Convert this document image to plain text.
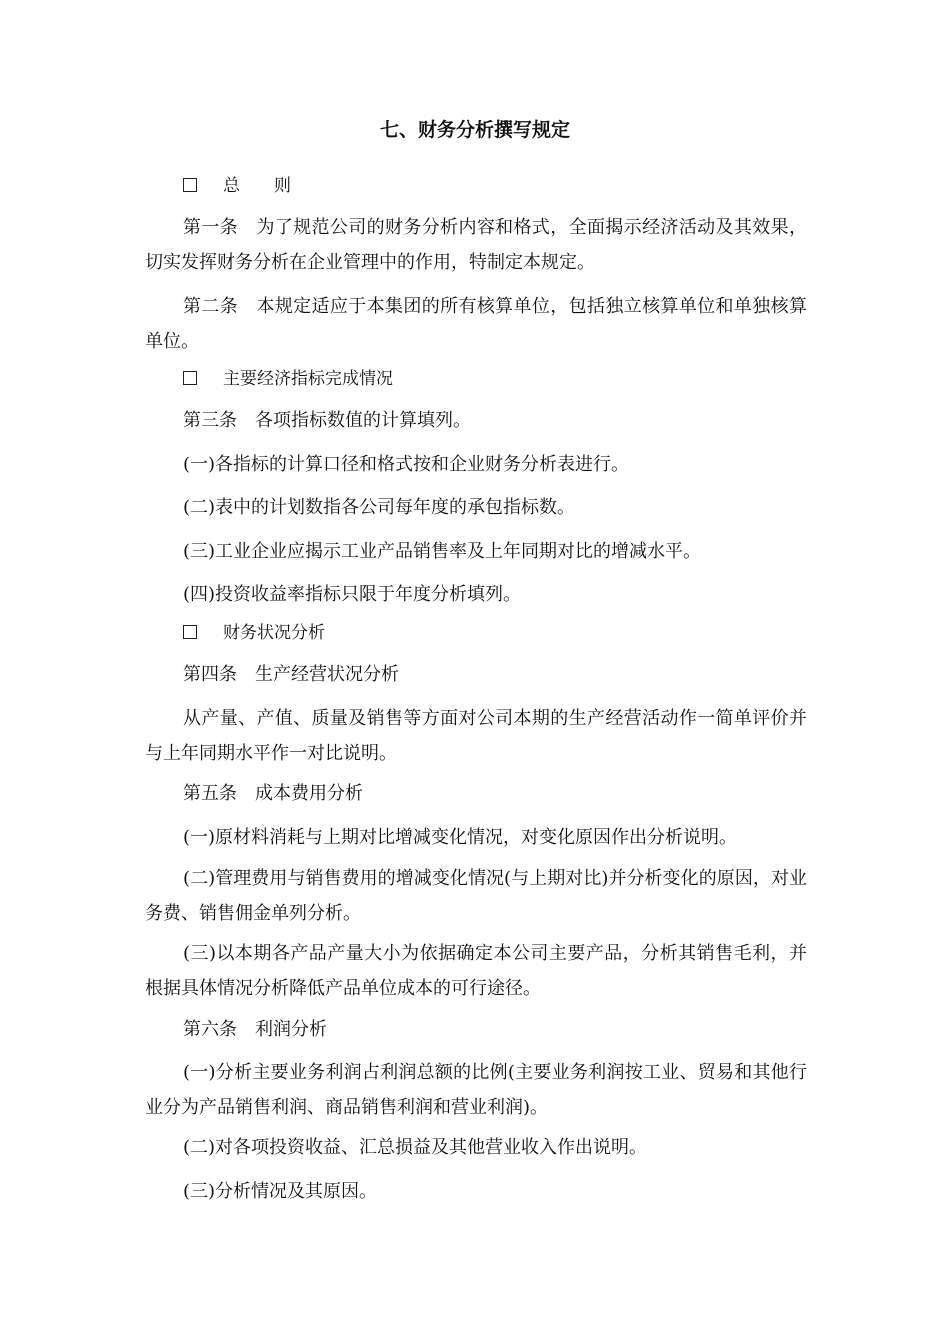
七、财务分析撰写规定
总　　则

第一条　为了规范公司的财务分析内容和格式，全面揭示经济活动及其效果，切实发挥财务分析在企业管理中的作用，特制定本规定。

第二条　本规定适应于本集团的所有核算单位，包括独立核算单位和单独核算单位。

主要经济指标完成情况

第三条　各项指标数值的计算填列。

(一)各指标的计算口径和格式按和企业财务分析表进行。

(二)表中的计划数指各公司每年度的承包指标数。

(三)工业企业应揭示工业产品销售率及上年同期对比的增减水平。

(四)投资收益率指标只限于年度分析填列。

财务状况分析

第四条　生产经营状况分析

从产量、产值、质量及销售等方面对公司本期的生产经营活动作一简单评价并与上年同期水平作一对比说明。

第五条　成本费用分析

(一)原材料消耗与上期对比增减变化情况，对变化原因作出分析说明。

(二)管理费用与销售费用的增减变化情况(与上期对比)并分析变化的原因，对业务费、销售佣金单列分析。

(三)以本期各产品产量大小为依据确定本公司主要产品，分析其销售毛利，并根据具体情况分析降低产品单位成本的可行途径。

第六条　利润分析

(一)分析主要业务利润占利润总额的比例(主要业务利润按工业、贸易和其他行业分为产品销售利润、商品销售利润和营业利润)。

(二)对各项投资收益、汇总损益及其他营业收入作出说明。

(三)分析情况及其原因。
